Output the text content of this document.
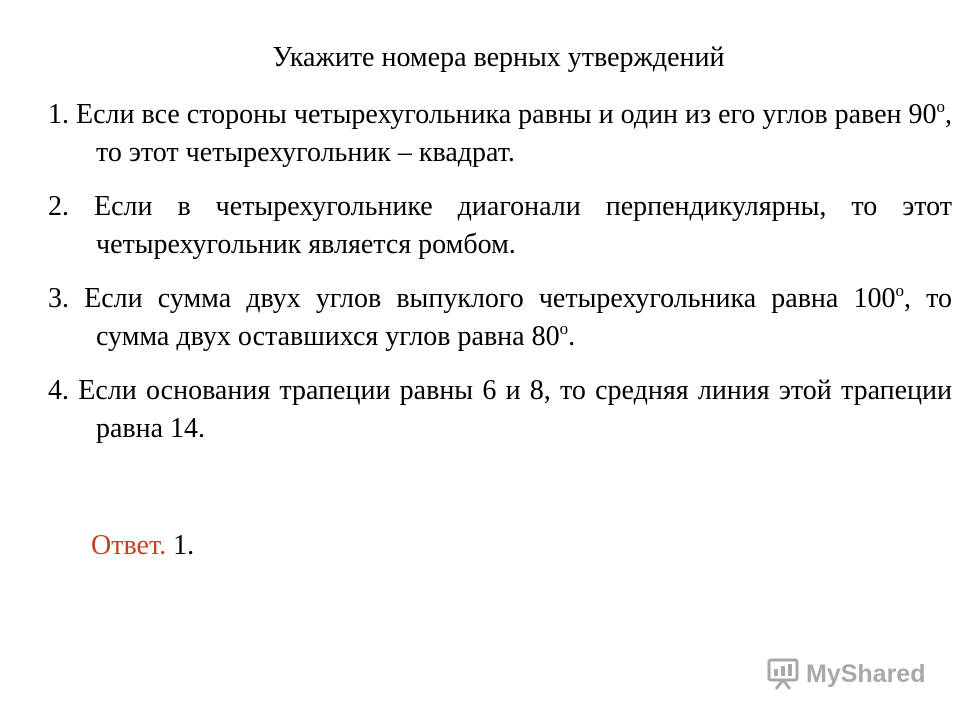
Укажите номера верных утверждений
1. Если все стороны четырехугольника равны и один из его углов равен $90^о$, то этот четырехугольник – квадрат.
2. Если в четырехугольнике диагонали перпендикулярны, то этот четырехугольник является ромбом.
3. Если сумма двух углов выпуклого четырехугольника равна $100^о$, то сумма двух оставшихся углов равна $80^о$.
4. Если основания трапеции равны 6 и 8, то средняя линия этой трапеции равна 14.

Ответ. 1.

MyShared
